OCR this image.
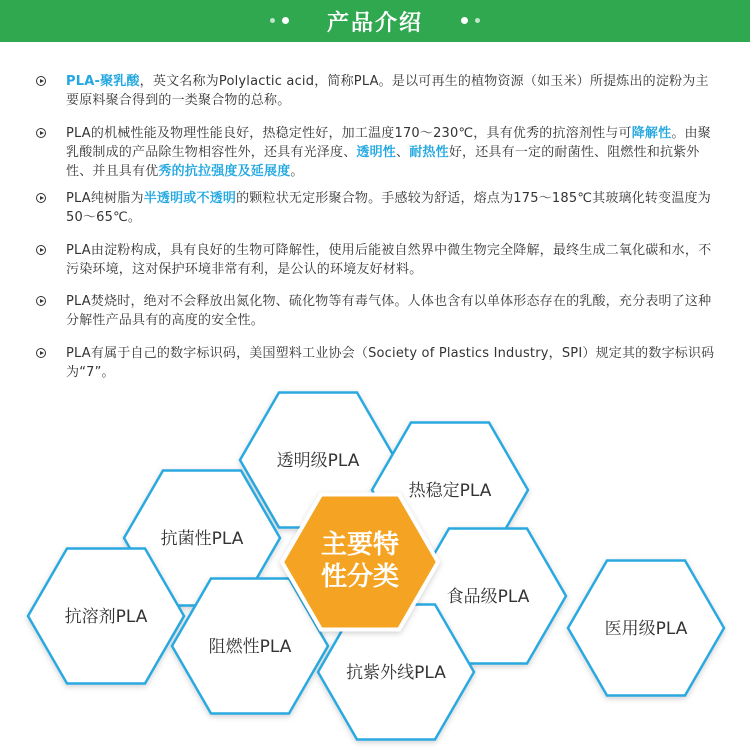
产品介绍
PLA-聚乳酸，英文名称为Polylactic acid，简称PLA。是以可再生的植物资源（如玉米）所提炼出的淀粉为主要原料聚合得到的一类聚合物的总称。
PLA的机械性能及物理性能良好，热稳定性好，加工温度170～230℃，具有优秀的抗溶剂性与可降解性。由聚乳酸制成的产品除生物相容性外，还具有光泽度、透明性、耐热性好，还具有一定的耐菌性、阻燃性和抗紫外性、并且具有优秀的抗拉强度及延展度。
PLA纯树脂为半透明或不透明的颗粒状无定形聚合物。手感较为舒适，熔点为175～185℃其玻璃化转变温度为50～65℃。
PLA由淀粉构成，具有良好的生物可降解性，使用后能被自然界中微生物完全降解，最终生成二氧化碳和水，不污染环境，这对保护环境非常有利，是公认的环境友好材料。
PLA焚烧时，绝对不会释放出氮化物、硫化物等有毒气体。人体也含有以单体形态存在的乳酸，充分表明了这种分解性产品具有的高度的安全性。
PLA有属于自己的数字标识码，美国塑料工业协会（Society of Plastics Industry，SPI）规定其的数字标识码为“7”。
透明级PLA
热稳定PLA
抗菌性PLA
食品级PLA
抗溶剂PLA
医用级PLA
阻燃性PLA
抗紫外线PLA
主要特
性分类
